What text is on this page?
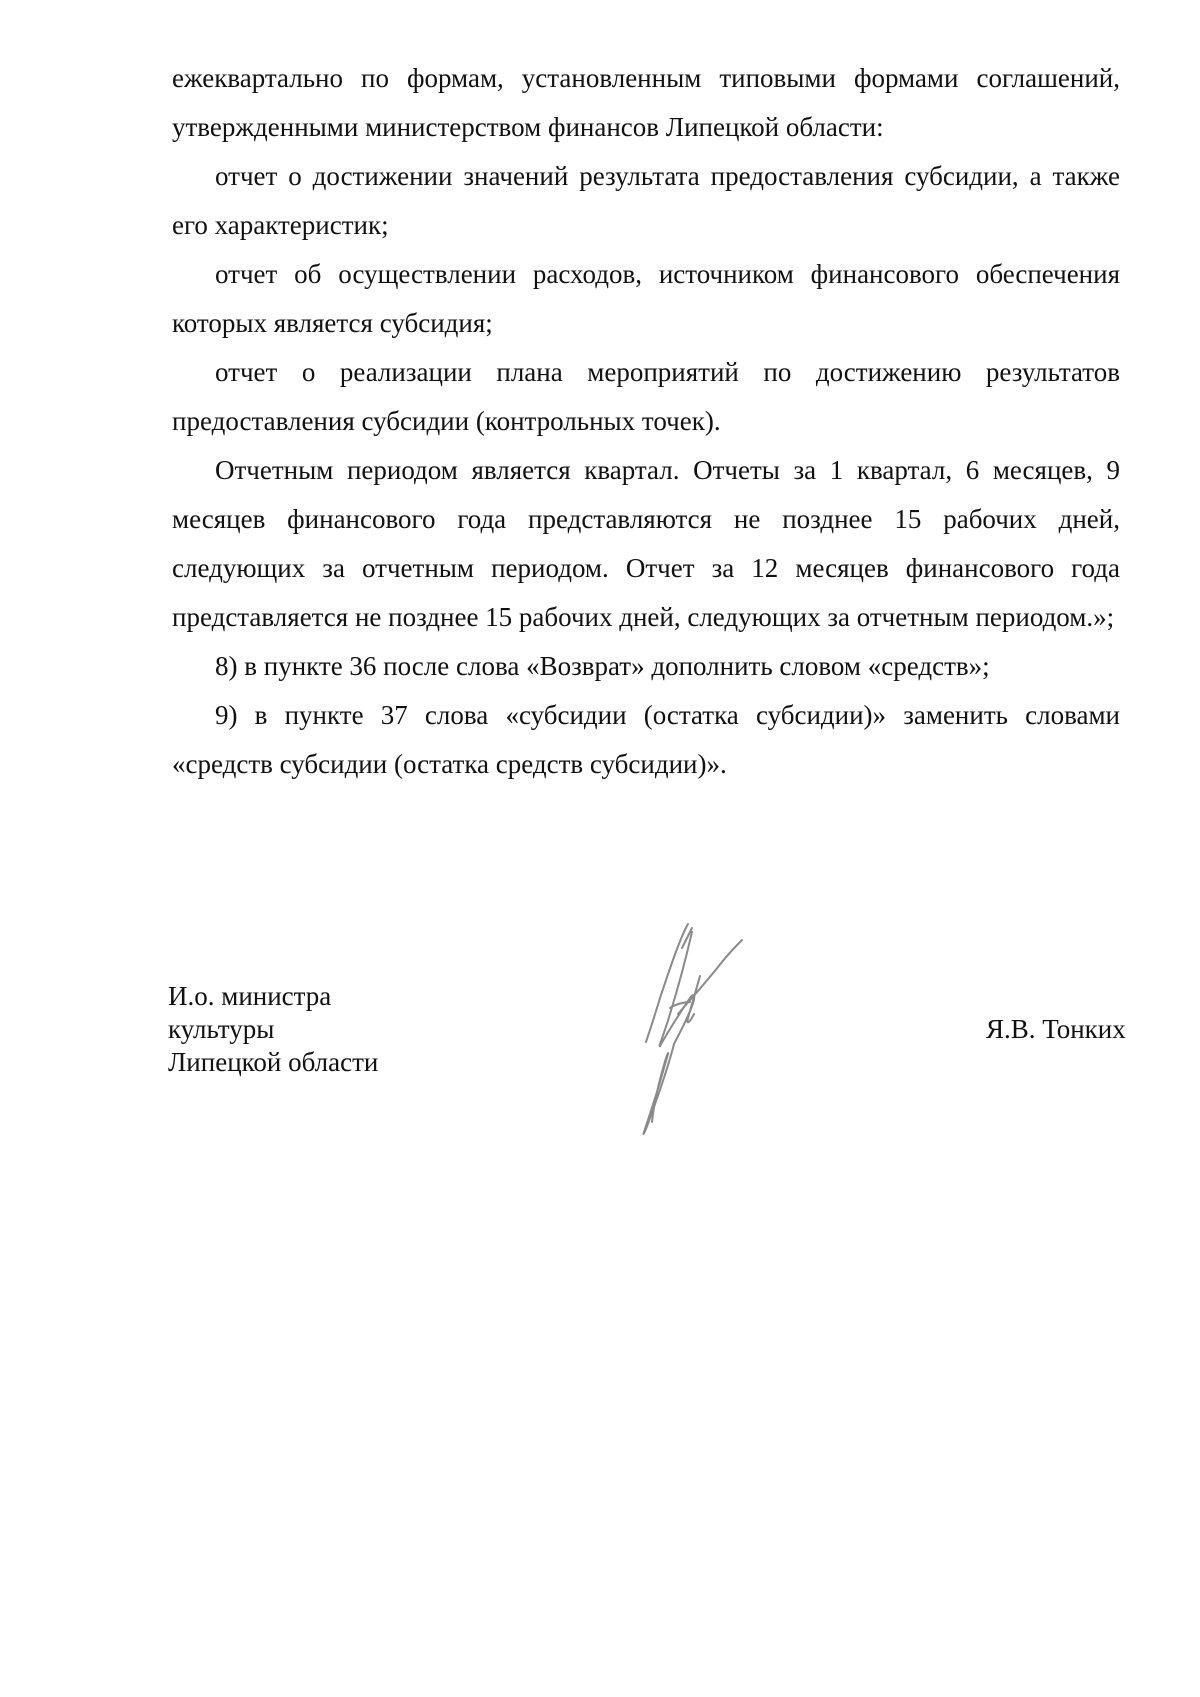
ежеквартально по формам, установленным типовыми формами соглашений, утвержденными министерством финансов Липецкой области:

отчет о достижении значений результата предоставления субсидии, а также его характеристик;

отчет об осуществлении расходов, источником финансового обеспечения которых является субсидия;

отчет о реализации плана мероприятий по достижению результатов предоставления субсидии (контрольных точек).

Отчетным периодом является квартал. Отчеты за 1 квартал, 6 месяцев, 9 месяцев финансового года представляются не позднее 15 рабочих дней, следующих за отчетным периодом. Отчет за 12 месяцев финансового года представляется не позднее 15 рабочих дней, следующих за отчетным периодом.»;

8) в пункте 36 после слова «Возврат» дополнить словом «средств»;

9) в пункте 37 слова «субсидии (остатка субсидии)» заменить словами «средств субсидии (остатка средств субсидии)».

И.о. министра
культуры
Липецкой области
Я.В. Тонких
